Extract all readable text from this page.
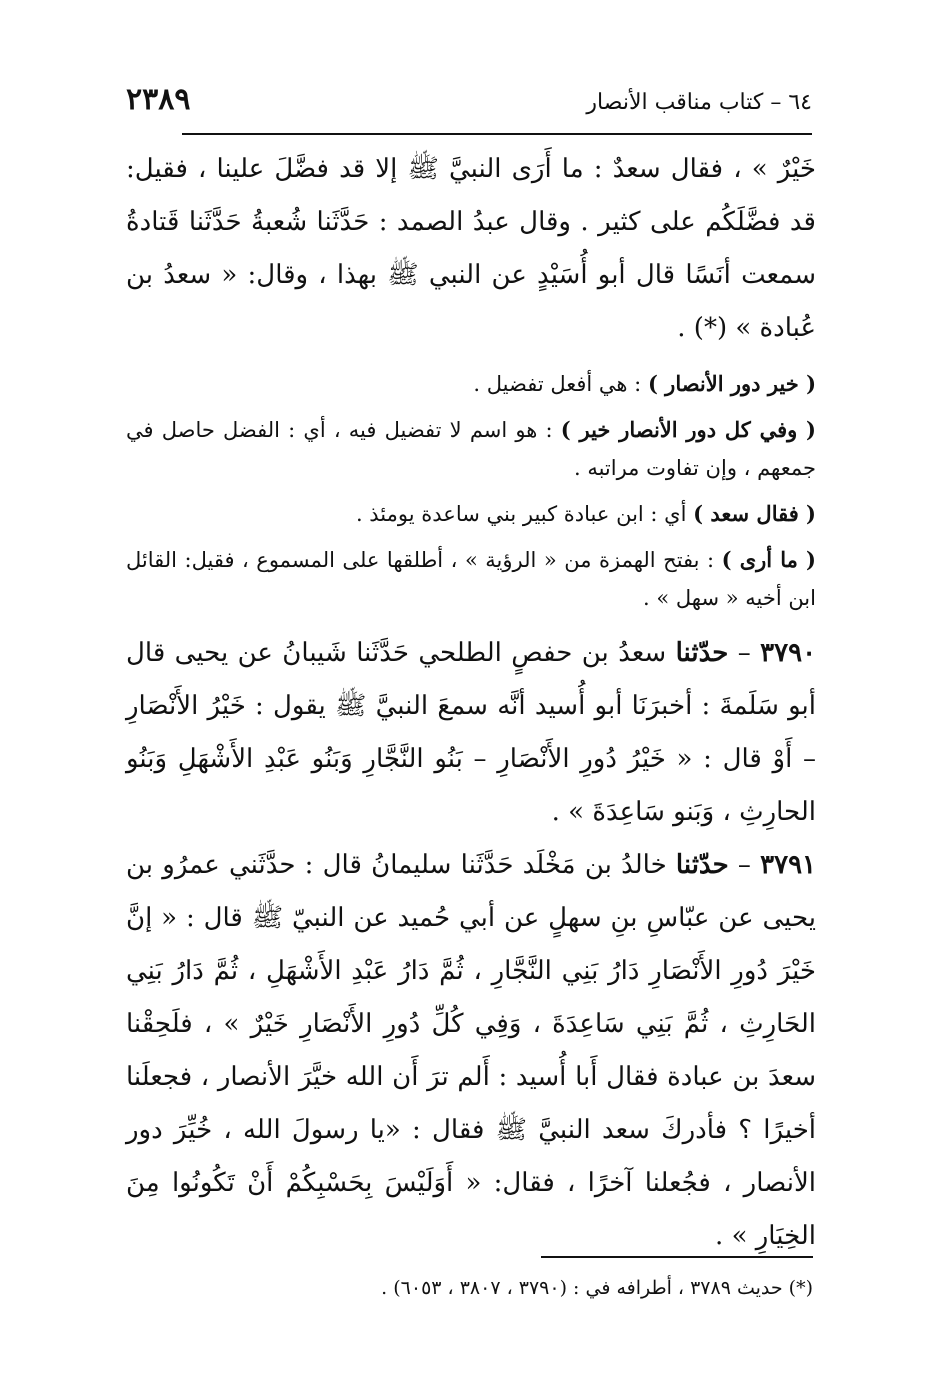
٦٤ – كتاب مناقب الأنصار
٢٣٨٩

خَيْرٌ » ، فقال سعدٌ : ما أَرَى النبيَّ ﷺ إلا قد فضَّلَ علينا ، فقيل: قد فضَّلَكُم على كثير . وقال عبدُ الصمد : حَدَّثَنا شُعبةُ حَدَّثَنا قَتادةُ سمعت أنَسًا قال أبو أُسَيْدٍ عن النبي ﷺ بهذا ، وقال: « سعدُ بن عُبادة » (*) .

( خير دور الأنصار ) : هي أفعل تفضيل .

( وفي كل دور الأنصار خير ) : هو اسم لا تفضيل فيه ، أي : الفضل حاصل في جمعهم ، وإن تفاوت مراتبه .

( فقال سعد ) أي : ابن عبادة كبير بني ساعدة يومئذ .

( ما أرى ) : بفتح الهمزة من « الرؤية » ، أطلقها على المسموع ، فقيل: القائل ابن أخيه « سهل » .

٣٧٩٠ – حدّثنا سعدُ بن حفصٍ الطلحي حَدَّثَنا شَيبانُ عن يحيى قال أبو سَلَمةَ : أخبرَنَا أبو أُسيد أنَّه سمعَ النبيَّ ﷺ يقول : خَيْرُ الأَنْصَارِ – أَوْ قال : « خَيْرُ دُورِ الأَنْصَارِ – بَنُو النَّجَّارِ وَبَنُو عَبْدِ الأَشْهَلِ وَبَنُو الحارِثِ ، وَبَنو سَاعِدَةَ » .

٣٧٩١ – حدّثنا خالدُ بن مَخْلَد حَدَّثَنا سليمانُ قال : حدَّثَني عمرُو بن يحيى عن عبّاسِ بنِ سهلٍ عن أبي حُميد عن النبيّ ﷺ قال : « إنَّ خَيْرَ دُورِ الأَنْصَارِ دَارُ بَنِي النَّجَّارِ ، ثُمَّ دَارُ عَبْدِ الأَشْهَلِ ، ثُمَّ دَارُ بَنِي الحَارِثِ ، ثُمَّ بَنِي سَاعِدَةَ ، وَفِي كُلِّ دُورِ الأَنْصَارِ خَيْرٌ » ، فلَحِقْنا سعدَ بن عبادة فقال أَبا أُسيد : أَلم ترَ أَن الله خيَّرَ الأنصار ، فجعلَنا أخيرًا ؟ فأدركَ سعد النبيَّ ﷺ فقال : «يا رسولَ الله ، خُيِّرَ دور الأنصار ، فجُعلنا آخرًا ، فقال: « أَوَلَيْسَ بِحَسْبِكُمْ أَنْ تَكُونُوا مِنَ الخِيَارِ » .

(*) حديث ٣٧٨٩ ، أطرافه في : (٣٧٩٠ ، ٣٨٠٧ ، ٦٠٥٣) .
